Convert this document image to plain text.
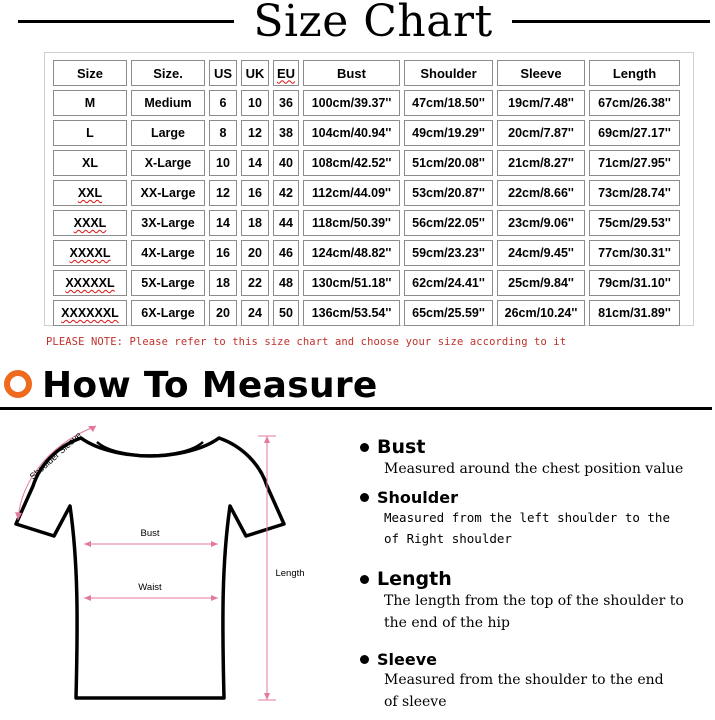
Size Chart
Size	Size.	US	UK	EU	Bust	Shoulder	Sleeve	Length
M	Medium	6	10	36	100cm/39.37''	47cm/18.50''	19cm/7.48''	67cm/26.38''
L	Large	8	12	38	104cm/40.94''	49cm/19.29''	20cm/7.87''	69cm/27.17''
XL	X-Large	10	14	40	108cm/42.52''	51cm/20.08''	21cm/8.27''	71cm/27.95''
XXL	XX-Large	12	16	42	112cm/44.09''	53cm/20.87''	22cm/8.66''	73cm/28.74''
XXXL	3X-Large	14	18	44	118cm/50.39''	56cm/22.05''	23cm/9.06''	75cm/29.53''
XXXXL	4X-Large	16	20	46	124cm/48.82''	59cm/23.23''	24cm/9.45''	77cm/30.31''
XXXXXL	5X-Large	18	22	48	130cm/51.18''	62cm/24.41''	25cm/9.84''	79cm/31.10''
XXXXXXL	6X-Large	20	24	50	136cm/53.54''	65cm/25.59''	26cm/10.24''	81cm/31.89''
PLEASE NOTE: Please refer to this size chart and choose your size according to it
How To Measure
Shoulder Sleeve
Bust
Waist
Length
Bust
Measured around the chest position value
Shoulder
Measured from the left shoulder to the
of Right shoulder
Length
The length from the top of the shoulder to
the end of the hip
Sleeve
Measured from the shoulder to the end
of sleeve
